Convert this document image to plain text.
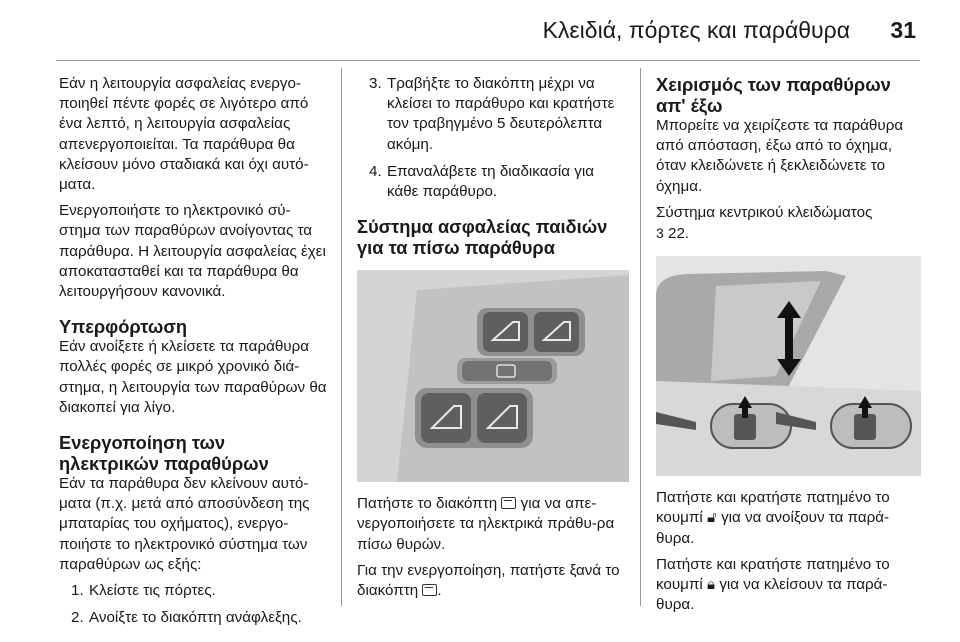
Κλειδιά, πόρτες και παράθυρα 31

Εάν η λειτουργία ασφαλείας ενεργο-ποιηθεί πέντε φορές σε λιγότερο από ένα λεπτό, η λειτουργία ασφαλείας απενεργοποιείται. Τα παράθυρα θα κλείσουν μόνο σταδιακά και όχι αυτό-ματα.

Ενεργοποιήστε το ηλεκτρονικό σύ-στημα των παραθύρων ανοίγοντας τα παράθυρα. Η λειτουργία ασφαλείας έχει αποκατασταθεί και τα παράθυρα θα λειτουργήσουν κανονικά.

Υπερφόρτωση

Εάν ανοίξετε ή κλείσετε τα παράθυρα πολλές φορές σε μικρό χρονικό διά-στημα, η λειτουργία των παραθύρων θα διακοπεί για λίγο.

Ενεργοποίηση των ηλεκτρικών παραθύρων

Εάν τα παράθυρα δεν κλείνουν αυτό-ματα (π.χ. μετά από αποσύνδεση της μπαταρίας του οχήματος), ενεργο-ποιήστε το ηλεκτρονικό σύστημα των παραθύρων ως εξής:

1. Κλείστε τις πόρτες.
2. Ανοίξτε το διακόπτη ανάφλεξης.
3. Τραβήξτε το διακόπτη μέχρι να κλείσει το παράθυρο και κρατήστε τον τραβηγμένο 5 δευτερόλεπτα ακόμη.
4. Επαναλάβετε τη διαδικασία για κάθε παράθυρο.
Σύστημα ασφαλείας παιδιών για τα πίσω παράθυρα

Πατήστε το διακόπτη για να απε-νεργοποιήσετε τα ηλεκτρικά πράθυ-ρα πίσω θυρών.

Για την ενεργοποίηση, πατήστε ξανά το διακόπτη .

Χειρισμός των παραθύρων απ' έξω

Μπορείτε να χειρίζεστε τα παράθυρα από απόσταση, έξω από το όχημα, όταν κλειδώνετε ή ξεκλειδώνετε το όχημα.

Σύστημα κεντρικού κλειδώματος
3 22.

Πατήστε και κρατήστε πατημένο το κουμπί 🔓︎ για να ανοίξουν τα παρά-θυρα.

Πατήστε και κρατήστε πατημένο το κουμπί 🔒︎ για να κλείσουν τα παρά-θυρα.
